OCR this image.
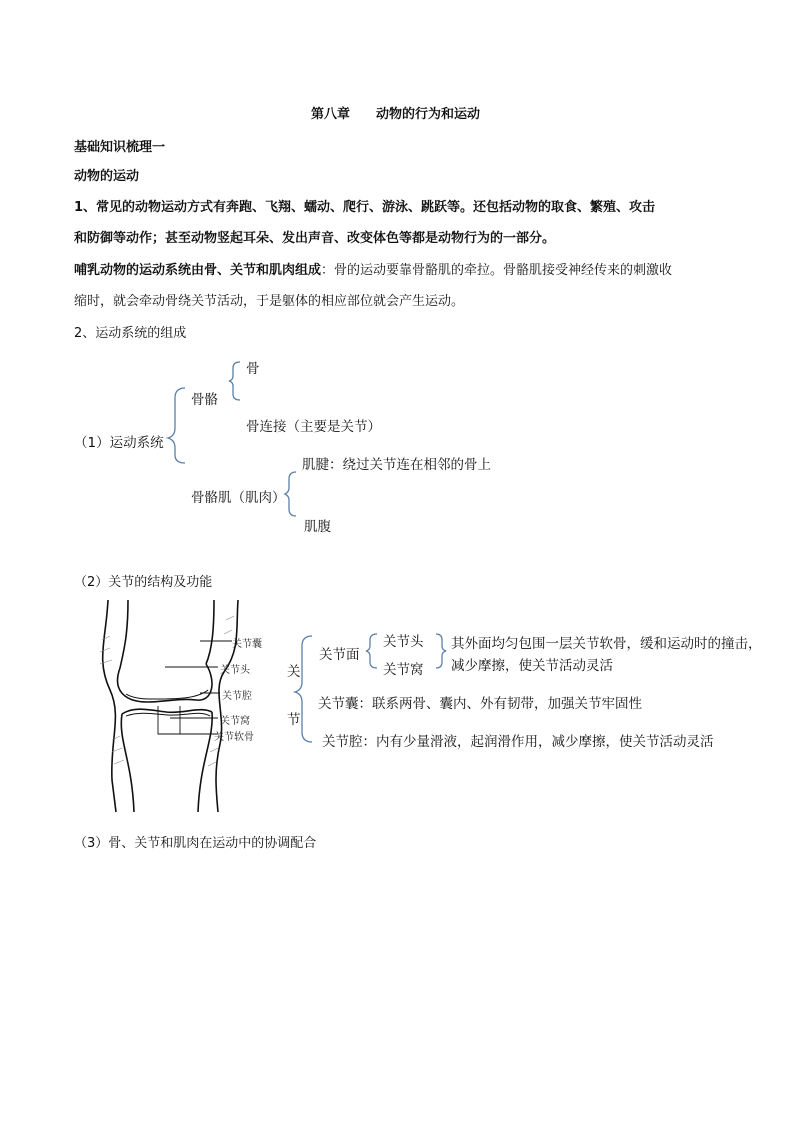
第八章　　动物的行为和运动
基础知识梳理一
动物的运动
1、常见的动物运动方式有奔跑、飞翔、蠕动、爬行、游泳、跳跃等。还包括动物的取食、繁殖、攻击
和防御等动作；甚至动物竖起耳朵、发出声音、改变体色等都是动物行为的一部分。
哺乳动物的运动系统由骨、关节和肌肉组成：骨的运动要靠骨骼肌的牵拉。骨骼肌接受神经传来的刺激收
缩时，就会牵动骨绕关节活动，于是躯体的相应部位就会产生运动。
2、运动系统的组成
（1）运动系统
骨骼
骨
骨连接（主要是关节）
骨骼肌（肌肉）
肌腱：绕过关节连在相邻的骨上
肌腹
（2）关节的结构及功能
关节囊
关节头
关节腔
关节窝
关节软骨
关
节
关节面
关节头
关节窝
其外面均匀包围一层关节软骨，缓和运动时的撞击，
减少摩擦，使关节活动灵活
关节囊：联系两骨、囊内、外有韧带，加强关节牢固性
关节腔：内有少量滑液，起润滑作用，减少摩擦，使关节活动灵活
（3）骨、关节和肌肉在运动中的协调配合
